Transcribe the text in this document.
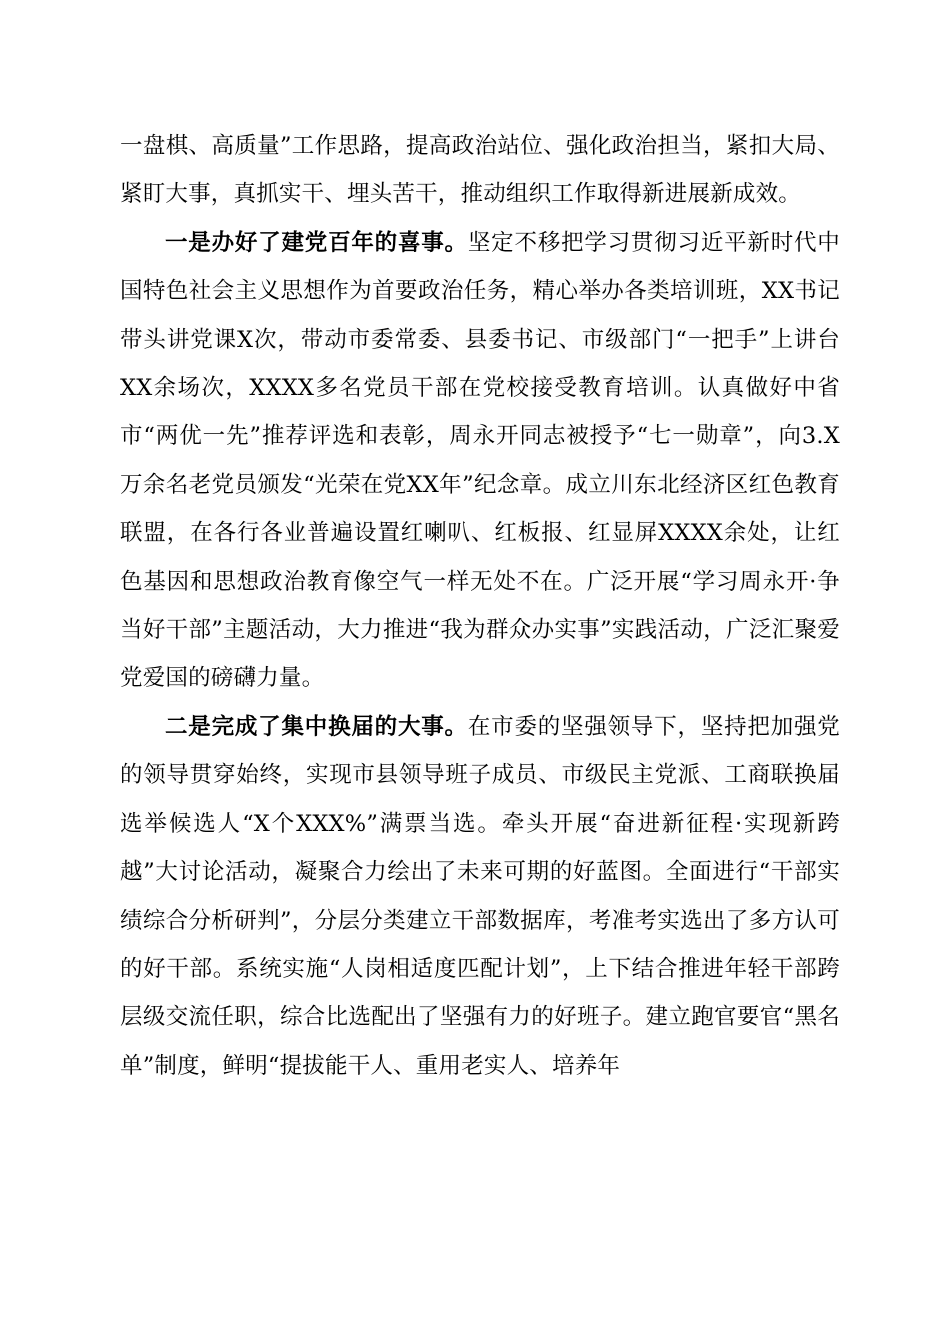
一盘棋、高质量”工作思路，提高政治站位、强化政治担当，紧扣大局、紧盯大事，真抓实干、埋头苦干，推动组织工作取得新进展新成效。

一是办好了建党百年的喜事。坚定不移把学习贯彻习近平新时代中国特色社会主义思想作为首要政治任务，精心举办各类培训班，XX书记带头讲党课X次，带动市委常委、县委书记、市级部门“一把手”上讲台XX余场次，XXXX多名党员干部在党校接受教育培训。认真做好中省市“两优一先”推荐评选和表彰，周永开同志被授予“七一勋章”，向3.X万余名老党员颁发“光荣在党XX年”纪念章。成立川东北经济区红色教育联盟，在各行各业普遍设置红喇叭、红板报、红显屏XXXX余处，让红色基因和思想政治教育像空气一样无处不在。广泛开展“学习周永开·争当好干部”主题活动，大力推进“我为群众办实事”实践活动，广泛汇聚爱党爱国的磅礴力量。

二是完成了集中换届的大事。在市委的坚强领导下，坚持把加强党的领导贯穿始终，实现市县领导班子成员、市级民主党派、工商联换届选举候选人“X个XXX%”满票当选。牵头开展“奋进新征程·实现新跨越”大讨论活动，凝聚合力绘出了未来可期的好蓝图。全面进行“干部实绩综合分析研判”，分层分类建立干部数据库，考准考实选出了多方认可的好干部。系统实施“人岗相适度匹配计划”，上下结合推进年轻干部跨层级交流任职，综合比选配出了坚强有力的好班子。建立跑官要官“黑名单”制度，鲜明“提拔能干人、重用老实人、培养年
